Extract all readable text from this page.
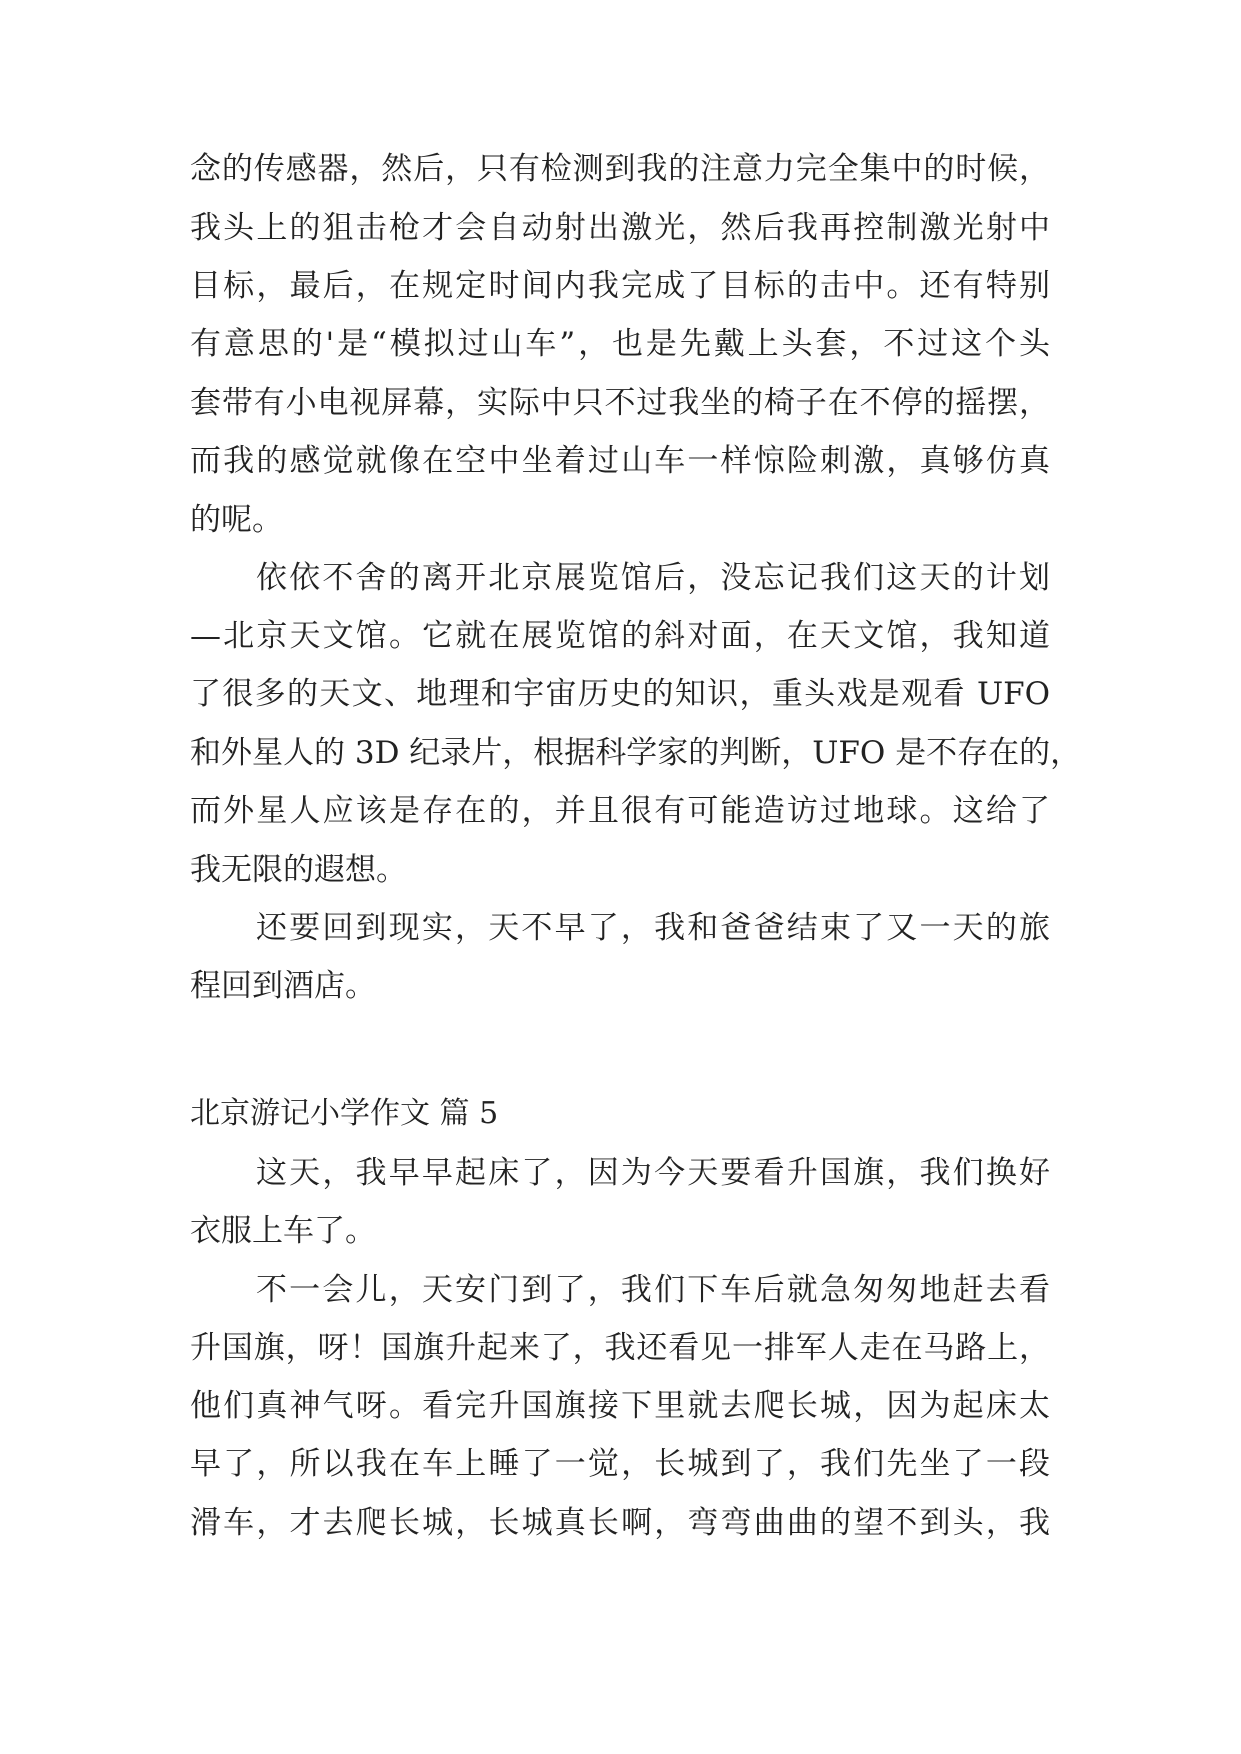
念的传感器，然后，只有检测到我的注意力完全集中的时候，
我头上的狙击枪才会自动射出激光，然后我再控制激光射中
目标，最后，在规定时间内我完成了目标的击中。还有特别
有意思的'是“模拟过山车”，也是先戴上头套，不过这个头
套带有小电视屏幕，实际中只不过我坐的椅子在不停的摇摆，
而我的感觉就像在空中坐着过山车一样惊险刺激，真够仿真
的呢。
依依不舍的离开北京展览馆后，没忘记我们这天的计划
—北京天文馆。它就在展览馆的斜对面，在天文馆，我知道
了很多的天文、地理和宇宙历史的知识，重头戏是观看 UFO
和外星人的 3D 纪录片，根据科学家的判断，UFO 是不存在的，
而外星人应该是存在的，并且很有可能造访过地球。这给了
我无限的遐想。
还要回到现实，天不早了，我和爸爸结束了又一天的旅
程回到酒店。
北京游记小学作文 篇 5
这天，我早早起床了，因为今天要看升国旗，我们换好
衣服上车了。
不一会儿，天安门到了，我们下车后就急匆匆地赶去看
升国旗，呀！国旗升起来了，我还看见一排军人走在马路上，
他们真神气呀。看完升国旗接下里就去爬长城，因为起床太
早了，所以我在车上睡了一觉，长城到了，我们先坐了一段
滑车，才去爬长城，长城真长啊，弯弯曲曲的望不到头，我
